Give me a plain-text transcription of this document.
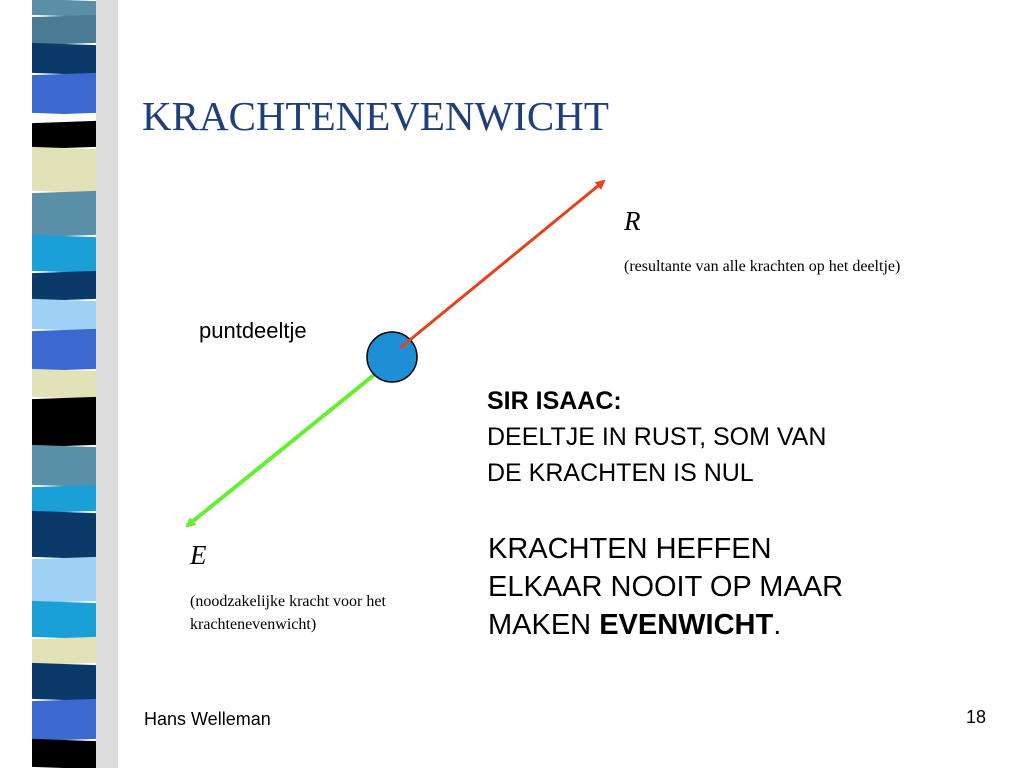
KRACHTENEVENWICHT
R
(resultante van alle krachten op het deeltje)
puntdeeltje
E
(noodzakelijke kracht voor het krachtenevenwicht)
SIR ISAAC:
DEELTJE IN RUST, SOM VAN
DE KRACHTEN IS NUL
KRACHTEN HEFFEN
ELKAAR NOOIT OP MAAR
MAKEN EVENWICHT.
Hans Welleman	18
